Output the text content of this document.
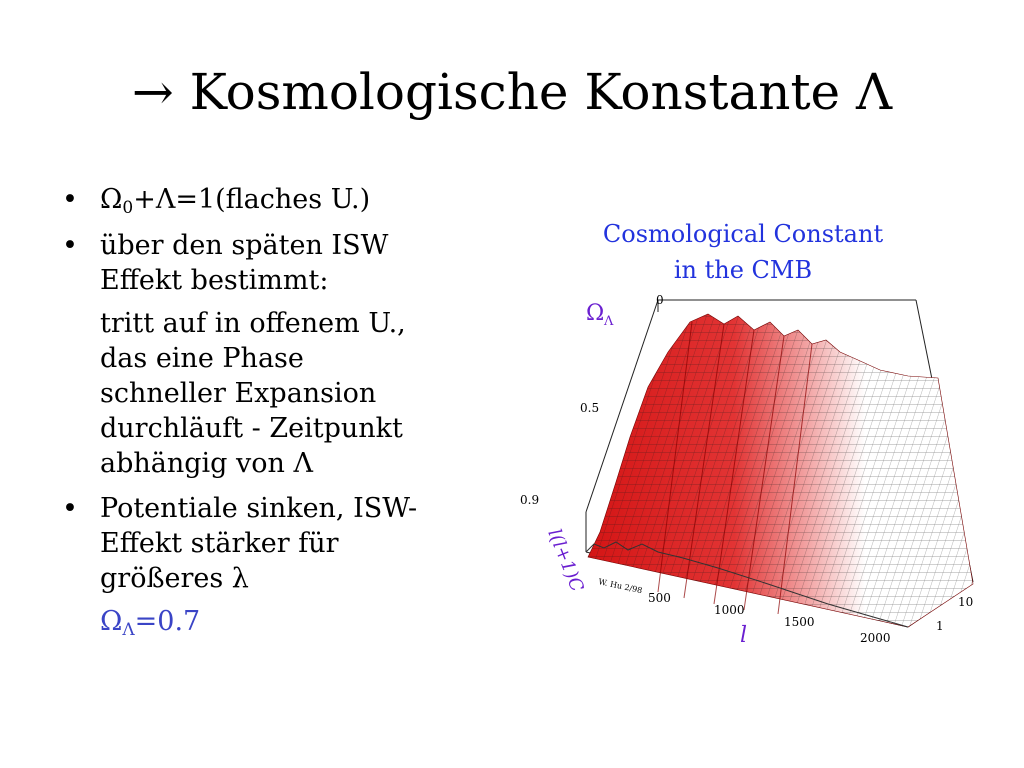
→ Kosmologische Konstante Λ
• $\Omega_0+\Lambda=1(flaches$ U.)
• über den späten ISW
Effekt bestimmt:
tritt auf in offenem U.,
das eine Phase
schneller Expansion
durchläuft - Zeitpunkt
abhängig von Λ
• Potentiale sinken, ISW-
Effekt stärker für
größeres λ
ΩΛ=0.7
Cosmological Constant
in the CMB
Ω Λ
0
0.5
0.9
l(l+1)C W. Hu 2/98
500
1000
1500
2000
l
10
1
